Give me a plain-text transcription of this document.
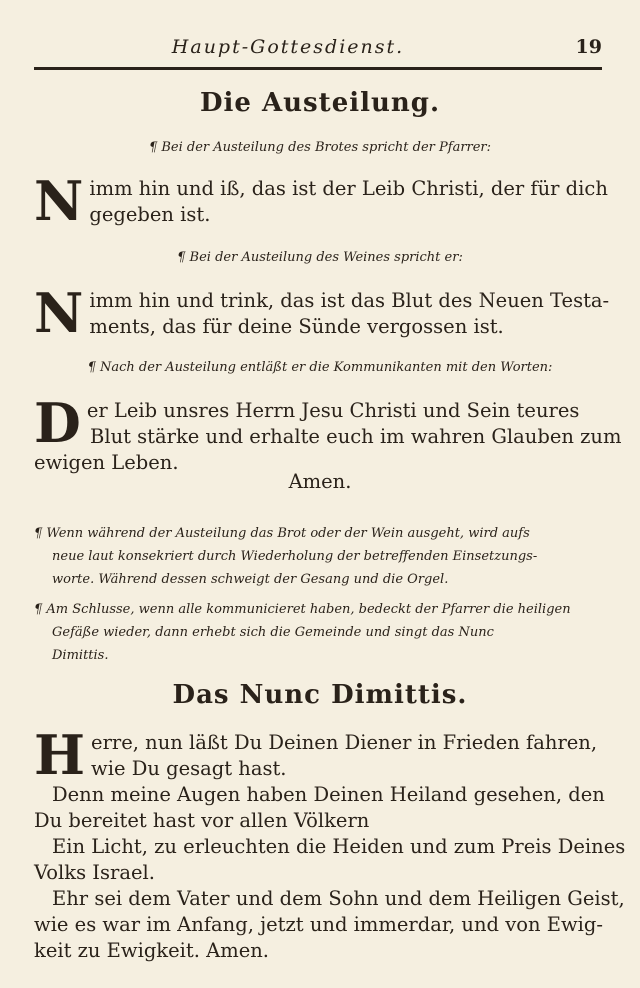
Haupt-Gottesdienst.	19
Die Austeilung.
¶ Bei der Austeilung des Brotes spricht der Pfarrer:
N imm hin und iß, das ist der Leib Christi, der für dich
gegeben ist.
¶ Bei der Austeilung des Weines spricht er:
N imm hin und trink, das ist das Blut des Neuen Testa-
ments, das für deine Sünde vergossen ist.
¶ Nach der Austeilung entläßt er die Kommunikanten mit den Worten:
D er Leib unsres Herrn Jesu Christi und Sein teures
Blut stärke und erhalte euch im wahren Glauben zum
ewigen Leben.
Amen.
¶ Wenn während der Austeilung das Brot oder der Wein ausgeht, wird aufs
neue laut konsekriert durch Wiederholung der betreffenden Einsetzungs-
worte. Während dessen schweigt der Gesang und die Orgel.
¶ Am Schlusse, wenn alle kommunicieret haben, bedeckt der Pfarrer die heiligen
Gefäße wieder, dann erhebt sich die Gemeinde und singt das Nunc
Dimittis.
Das Nunc Dimittis.
H erre, nun läßt Du Deinen Diener in Frieden fahren,
wie Du gesagt hast.
Denn meine Augen haben Deinen Heiland gesehen, den
Du bereitet hast vor allen Völkern
Ein Licht, zu erleuchten die Heiden und zum Preis Deines
Volks Israel.
Ehr sei dem Vater und dem Sohn und dem Heiligen Geist,
wie es war im Anfang, jetzt und immerdar, und von Ewig-
keit zu Ewigkeit. Amen.
